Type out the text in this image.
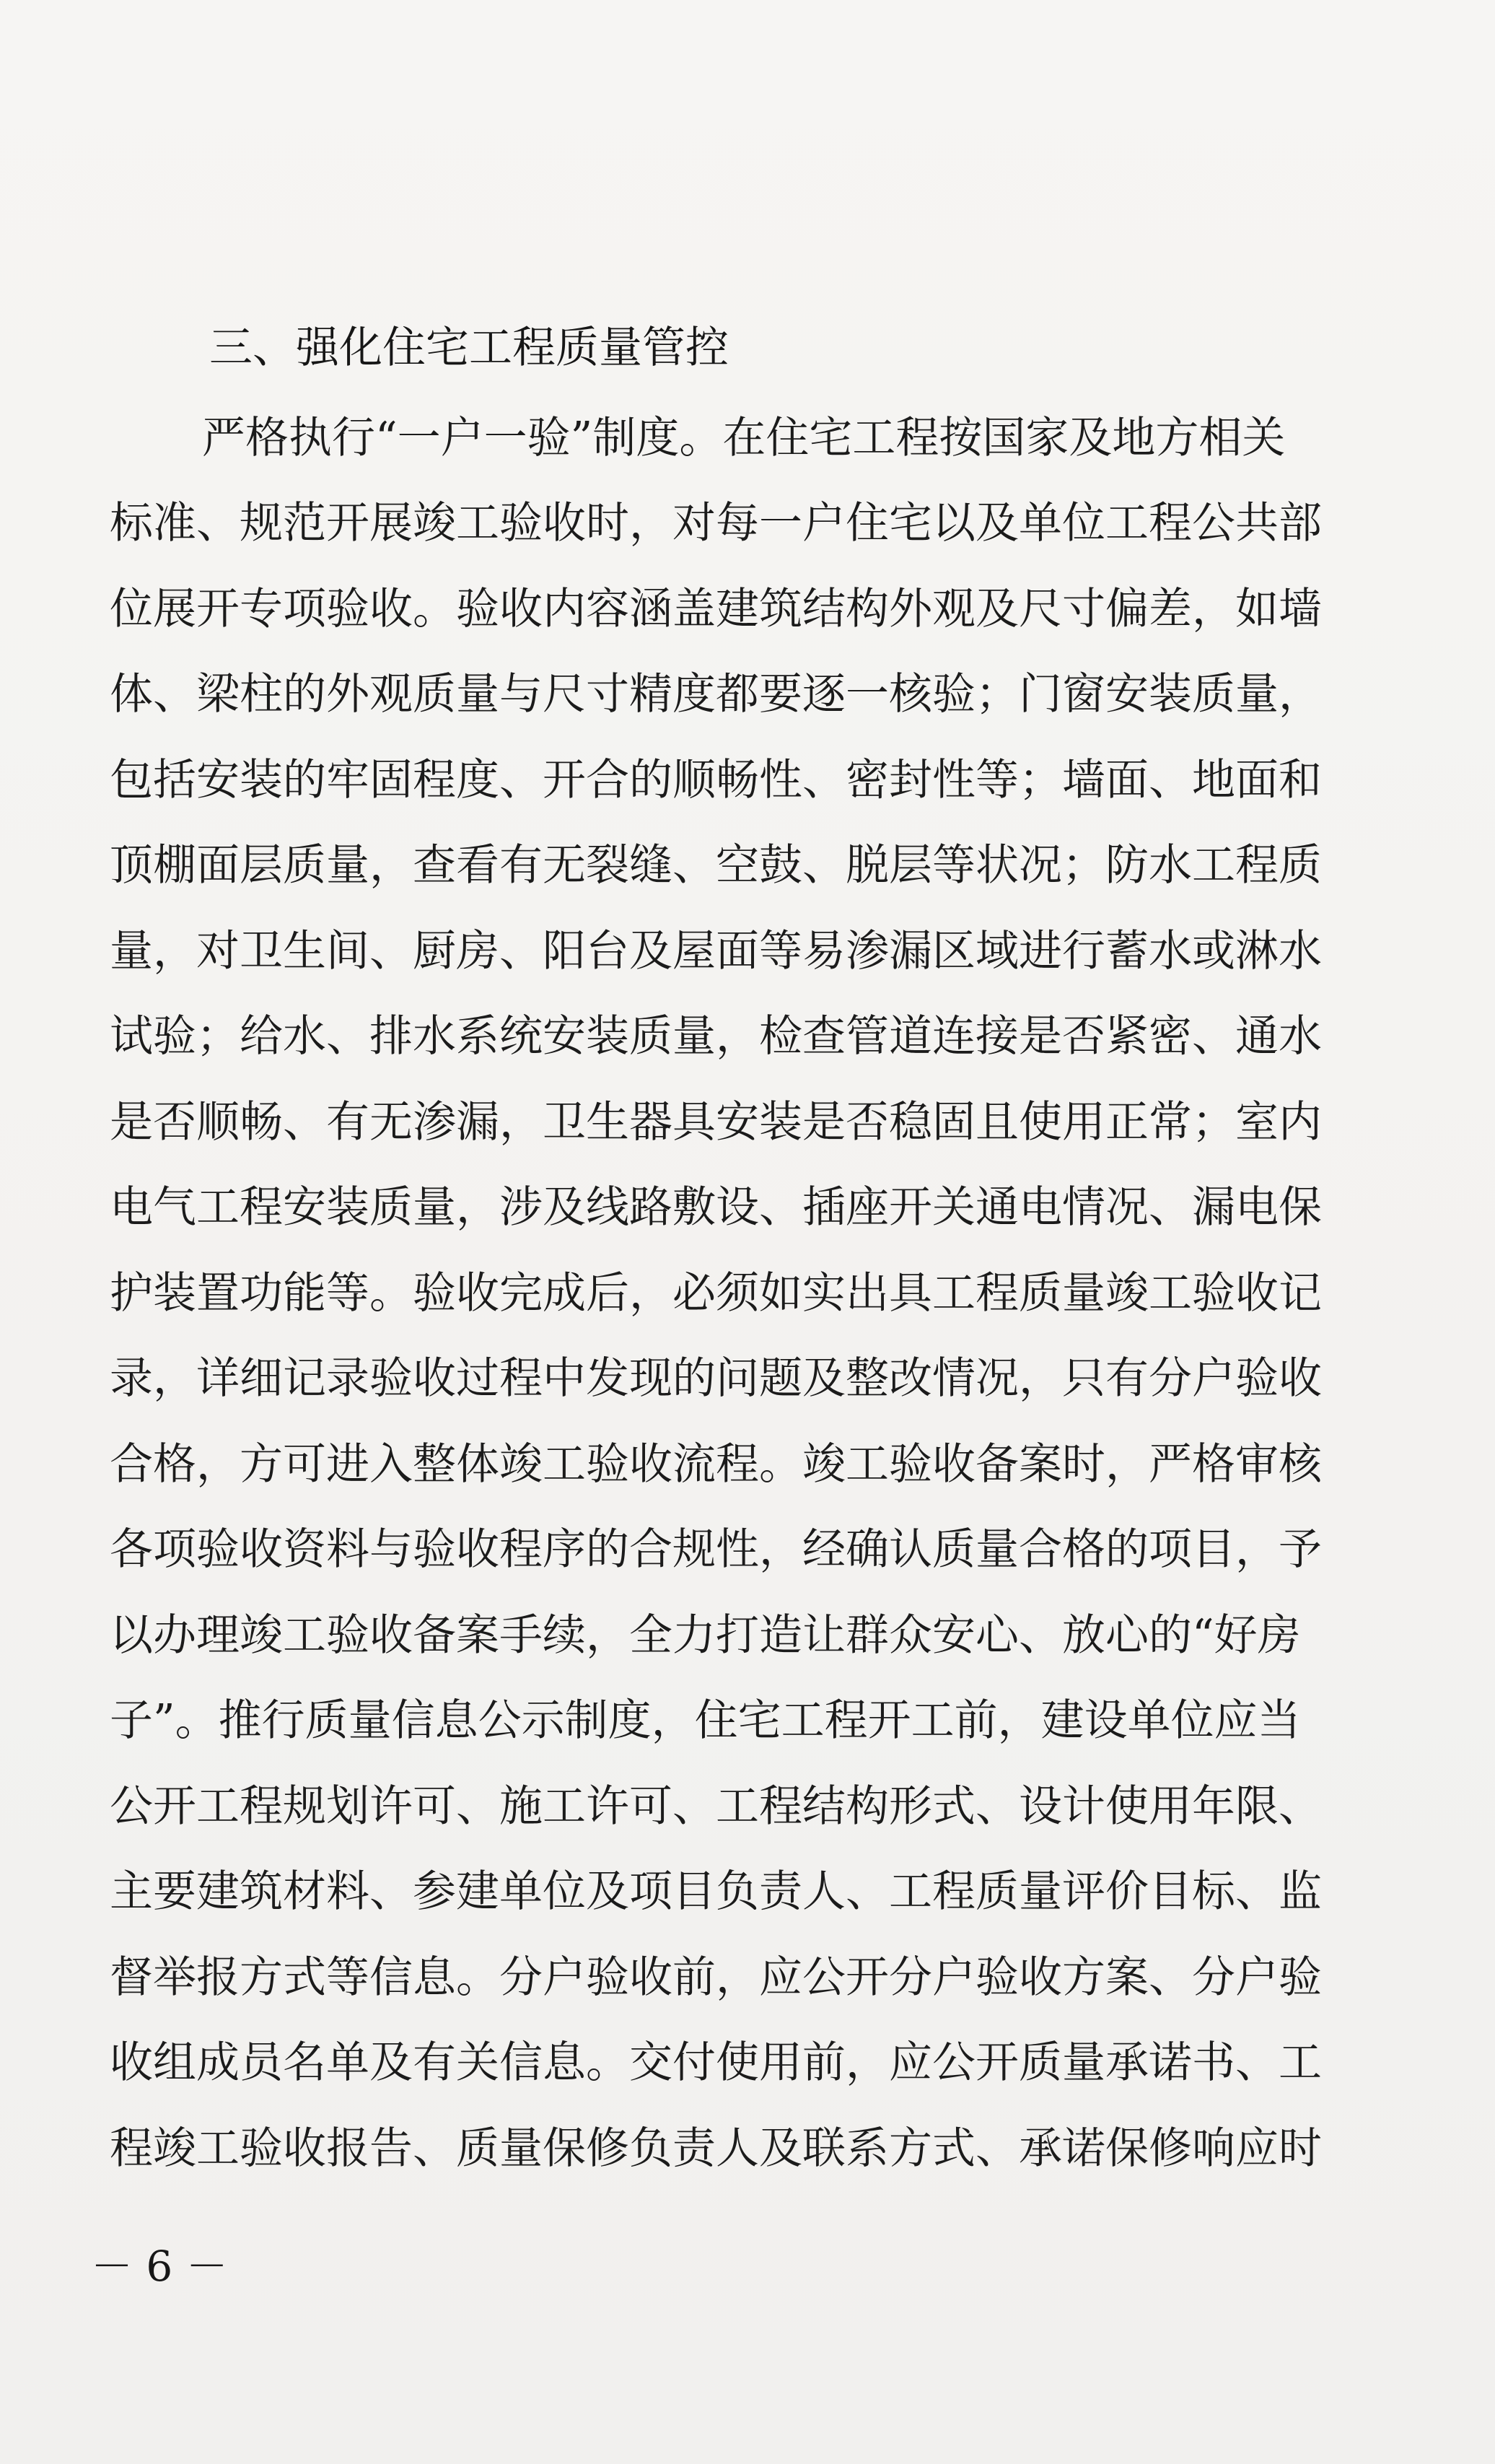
三、强化住宅工程质量管控
严格执行“一户一验”制度。在住宅工程按国家及地方相关
标准、规范开展竣工验收时，对每一户住宅以及单位工程公共部
位展开专项验收。验收内容涵盖建筑结构外观及尺寸偏差，如墙
体、梁柱的外观质量与尺寸精度都要逐一核验；门窗安装质量，
包括安装的牢固程度、开合的顺畅性、密封性等；墙面、地面和
顶棚面层质量，查看有无裂缝、空鼓、脱层等状况；防水工程质
量，对卫生间、厨房、阳台及屋面等易渗漏区域进行蓄水或淋水
试验；给水、排水系统安装质量，检查管道连接是否紧密、通水
是否顺畅、有无渗漏，卫生器具安装是否稳固且使用正常；室内
电气工程安装质量，涉及线路敷设、插座开关通电情况、漏电保
护装置功能等。验收完成后，必须如实出具工程质量竣工验收记
录，详细记录验收过程中发现的问题及整改情况，只有分户验收
合格，方可进入整体竣工验收流程。竣工验收备案时，严格审核
各项验收资料与验收程序的合规性，经确认质量合格的项目，予
以办理竣工验收备案手续，全力打造让群众安心、放心的“好房
子”。推行质量信息公示制度，住宅工程开工前，建设单位应当
公开工程规划许可、施工许可、工程结构形式、设计使用年限、
主要建筑材料、参建单位及项目负责人、工程质量评价目标、监
督举报方式等信息。分户验收前，应公开分户验收方案、分户验
收组成员名单及有关信息。交付使用前，应公开质量承诺书、工
程竣工验收报告、质量保修负责人及联系方式、承诺保修响应时
－ 6 －
